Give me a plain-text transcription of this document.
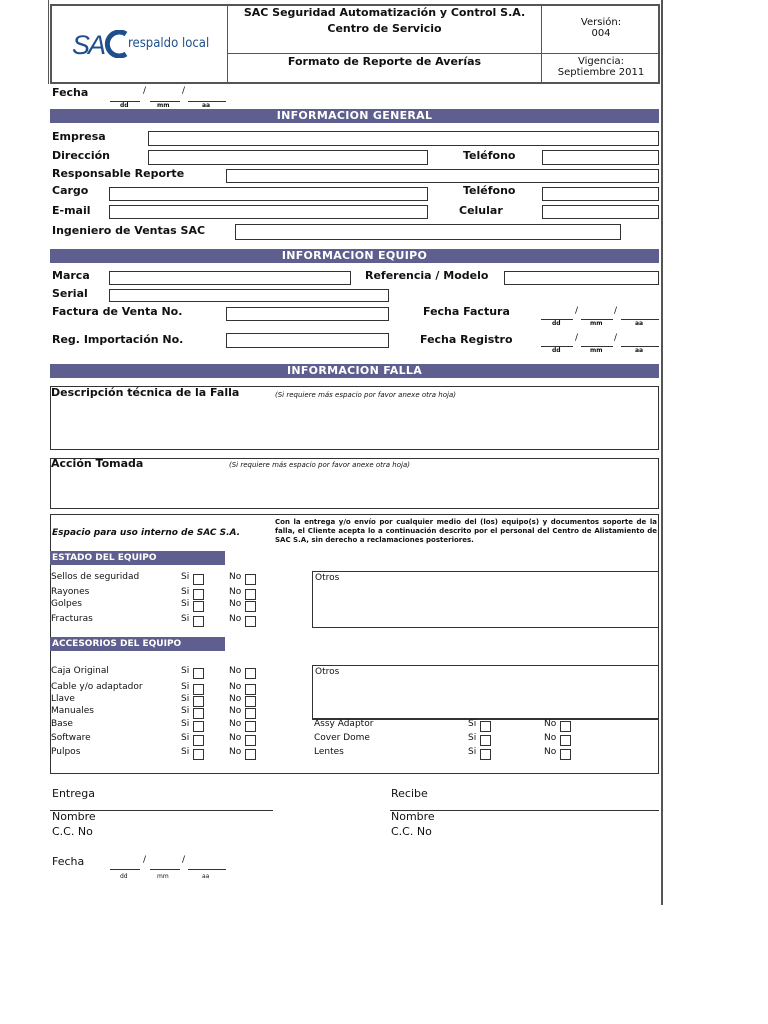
SA respaldo local
SAC Seguridad Automatización y Control S.A.
Centro de Servicio
Formato de Reporte de Averías
Versión:
004
Vigencia:
Septiembre 2011
Fecha	/	/
dd	mm	aa
INFORMACION GENERAL
Empresa
Dirección	Teléfono
Responsable Reporte
Cargo	Teléfono
E-mail	Celular
Ingeniero de Ventas SAC
INFORMACION EQUIPO
Marca	Referencia / Modelo
Serial
Factura de Venta No.	Fecha Factura	/	/
dd	mm	aa
Reg. Importación No.	Fecha Registro	/	/
dd	mm	aa
INFORMACION FALLA
Descripción técnica de la Falla	(Si requiere más espacio por favor anexe otra hoja)
Acción Tomada	(Si requiere más espacio por favor anexe otra hoja)
Espacio para uso interno de SAC S.A.
Con la entrega y/o envío por cualquier medio del (los) equipo(s) y documentos soporte de la falla, el Cliente acepta lo a continuación descrito por el personal del Centro de Alistamiento de SAC S.A, sin derecho a reclamaciones posteriores.
ESTADO DEL EQUIPO
Sellos de seguridad	Si	No
Rayones	Si	No
Golpes	Si	No
Fracturas	Si	No
Otros
ACCESORIOS DEL EQUIPO
Caja Original	Si	No
Cable y/o adaptador	Si	No
Llave	Si	No
Manuales	Si	No
Base	Si	No
Software	Si	No
Pulpos	Si	No
Otros
Assy Adaptor	Si	No
Cover Dome	Si	No
Lentes	Si	No
Entrega
Nombre
C.C. No
Recibe
Nombre
C.C. No
Fecha	/	/
dd	mm	aa
